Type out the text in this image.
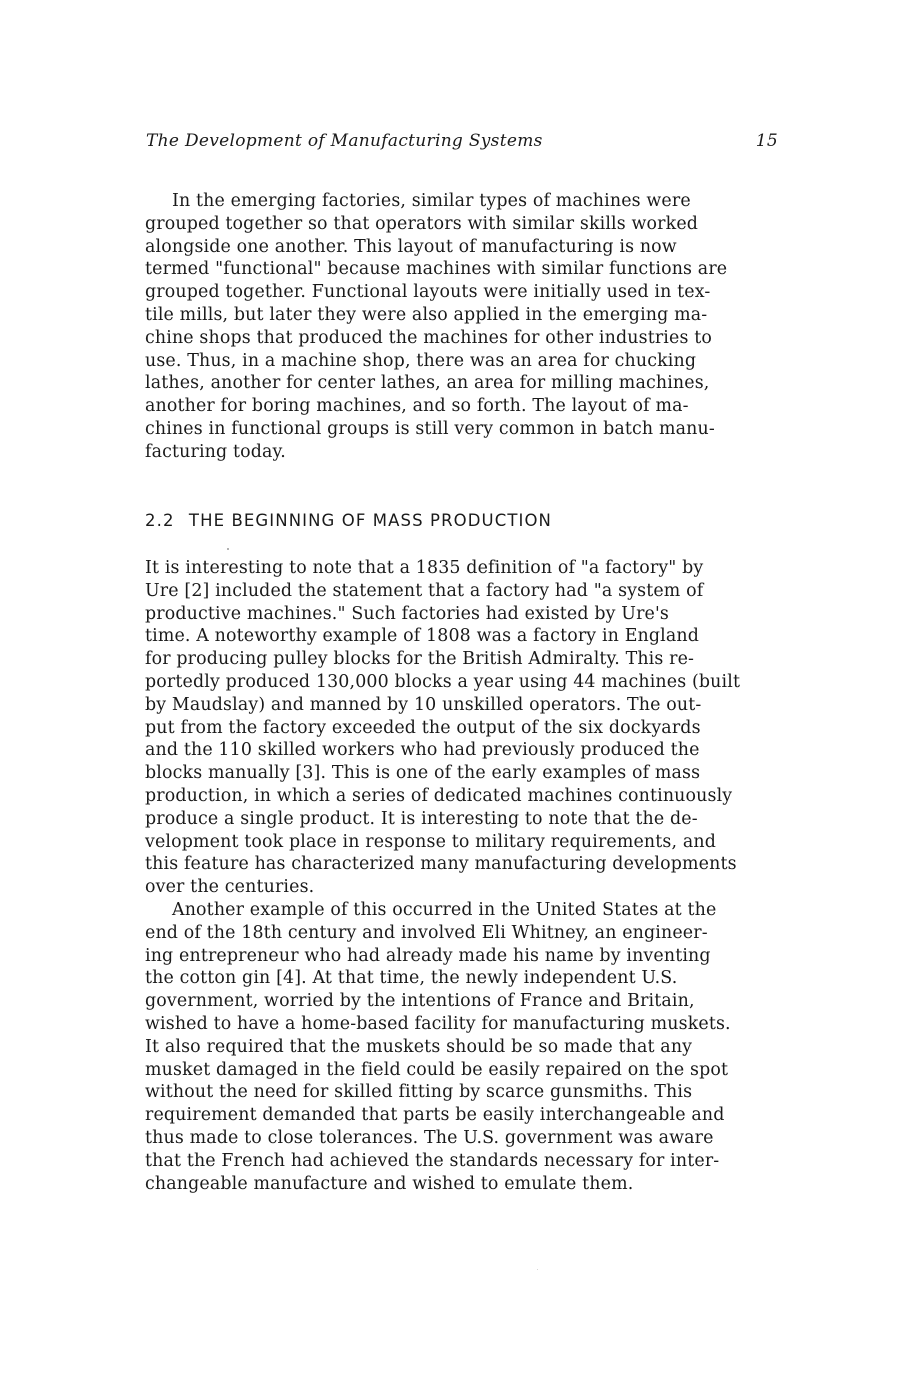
The Development of Manufacturing Systems	15

In the emerging factories, similar types of machines were
grouped together so that operators with similar skills worked
alongside one another. This layout of manufacturing is now
termed "functional" because machines with similar functions are
grouped together. Functional layouts were initially used in tex-
tile mills, but later they were also applied in the emerging ma-
chine shops that produced the machines for other industries to
use. Thus, in a machine shop, there was an area for chucking
lathes, another for center lathes, an area for milling machines,
another for boring machines, and so forth. The layout of ma-
chines in functional groups is still very common in batch manu-
facturing today.

2.2 THE BEGINNING OF MASS PRODUCTION

It is interesting to note that a 1835 definition of "a factory" by
Ure [2] included the statement that a factory had "a system of
productive machines." Such factories had existed by Ure's
time. A noteworthy example of 1808 was a factory in England
for producing pulley blocks for the British Admiralty. This re-
portedly produced 130,000 blocks a year using 44 machines (built
by Maudslay) and manned by 10 unskilled operators. The out-
put from the factory exceeded the output of the six dockyards
and the 110 skilled workers who had previously produced the
blocks manually [3]. This is one of the early examples of mass
production, in which a series of dedicated machines continuously
produce a single product. It is interesting to note that the de-
velopment took place in response to military requirements, and
this feature has characterized many manufacturing developments
over the centuries.

Another example of this occurred in the United States at the
end of the 18th century and involved Eli Whitney, an engineer-
ing entrepreneur who had already made his name by inventing
the cotton gin [4]. At that time, the newly independent U.S.
government, worried by the intentions of France and Britain,
wished to have a home-based facility for manufacturing muskets.
It also required that the muskets should be so made that any
musket damaged in the field could be easily repaired on the spot
without the need for skilled fitting by scarce gunsmiths. This
requirement demanded that parts be easily interchangeable and
thus made to close tolerances. The U.S. government was aware
that the French had achieved the standards necessary for inter-
changeable manufacture and wished to emulate them.
